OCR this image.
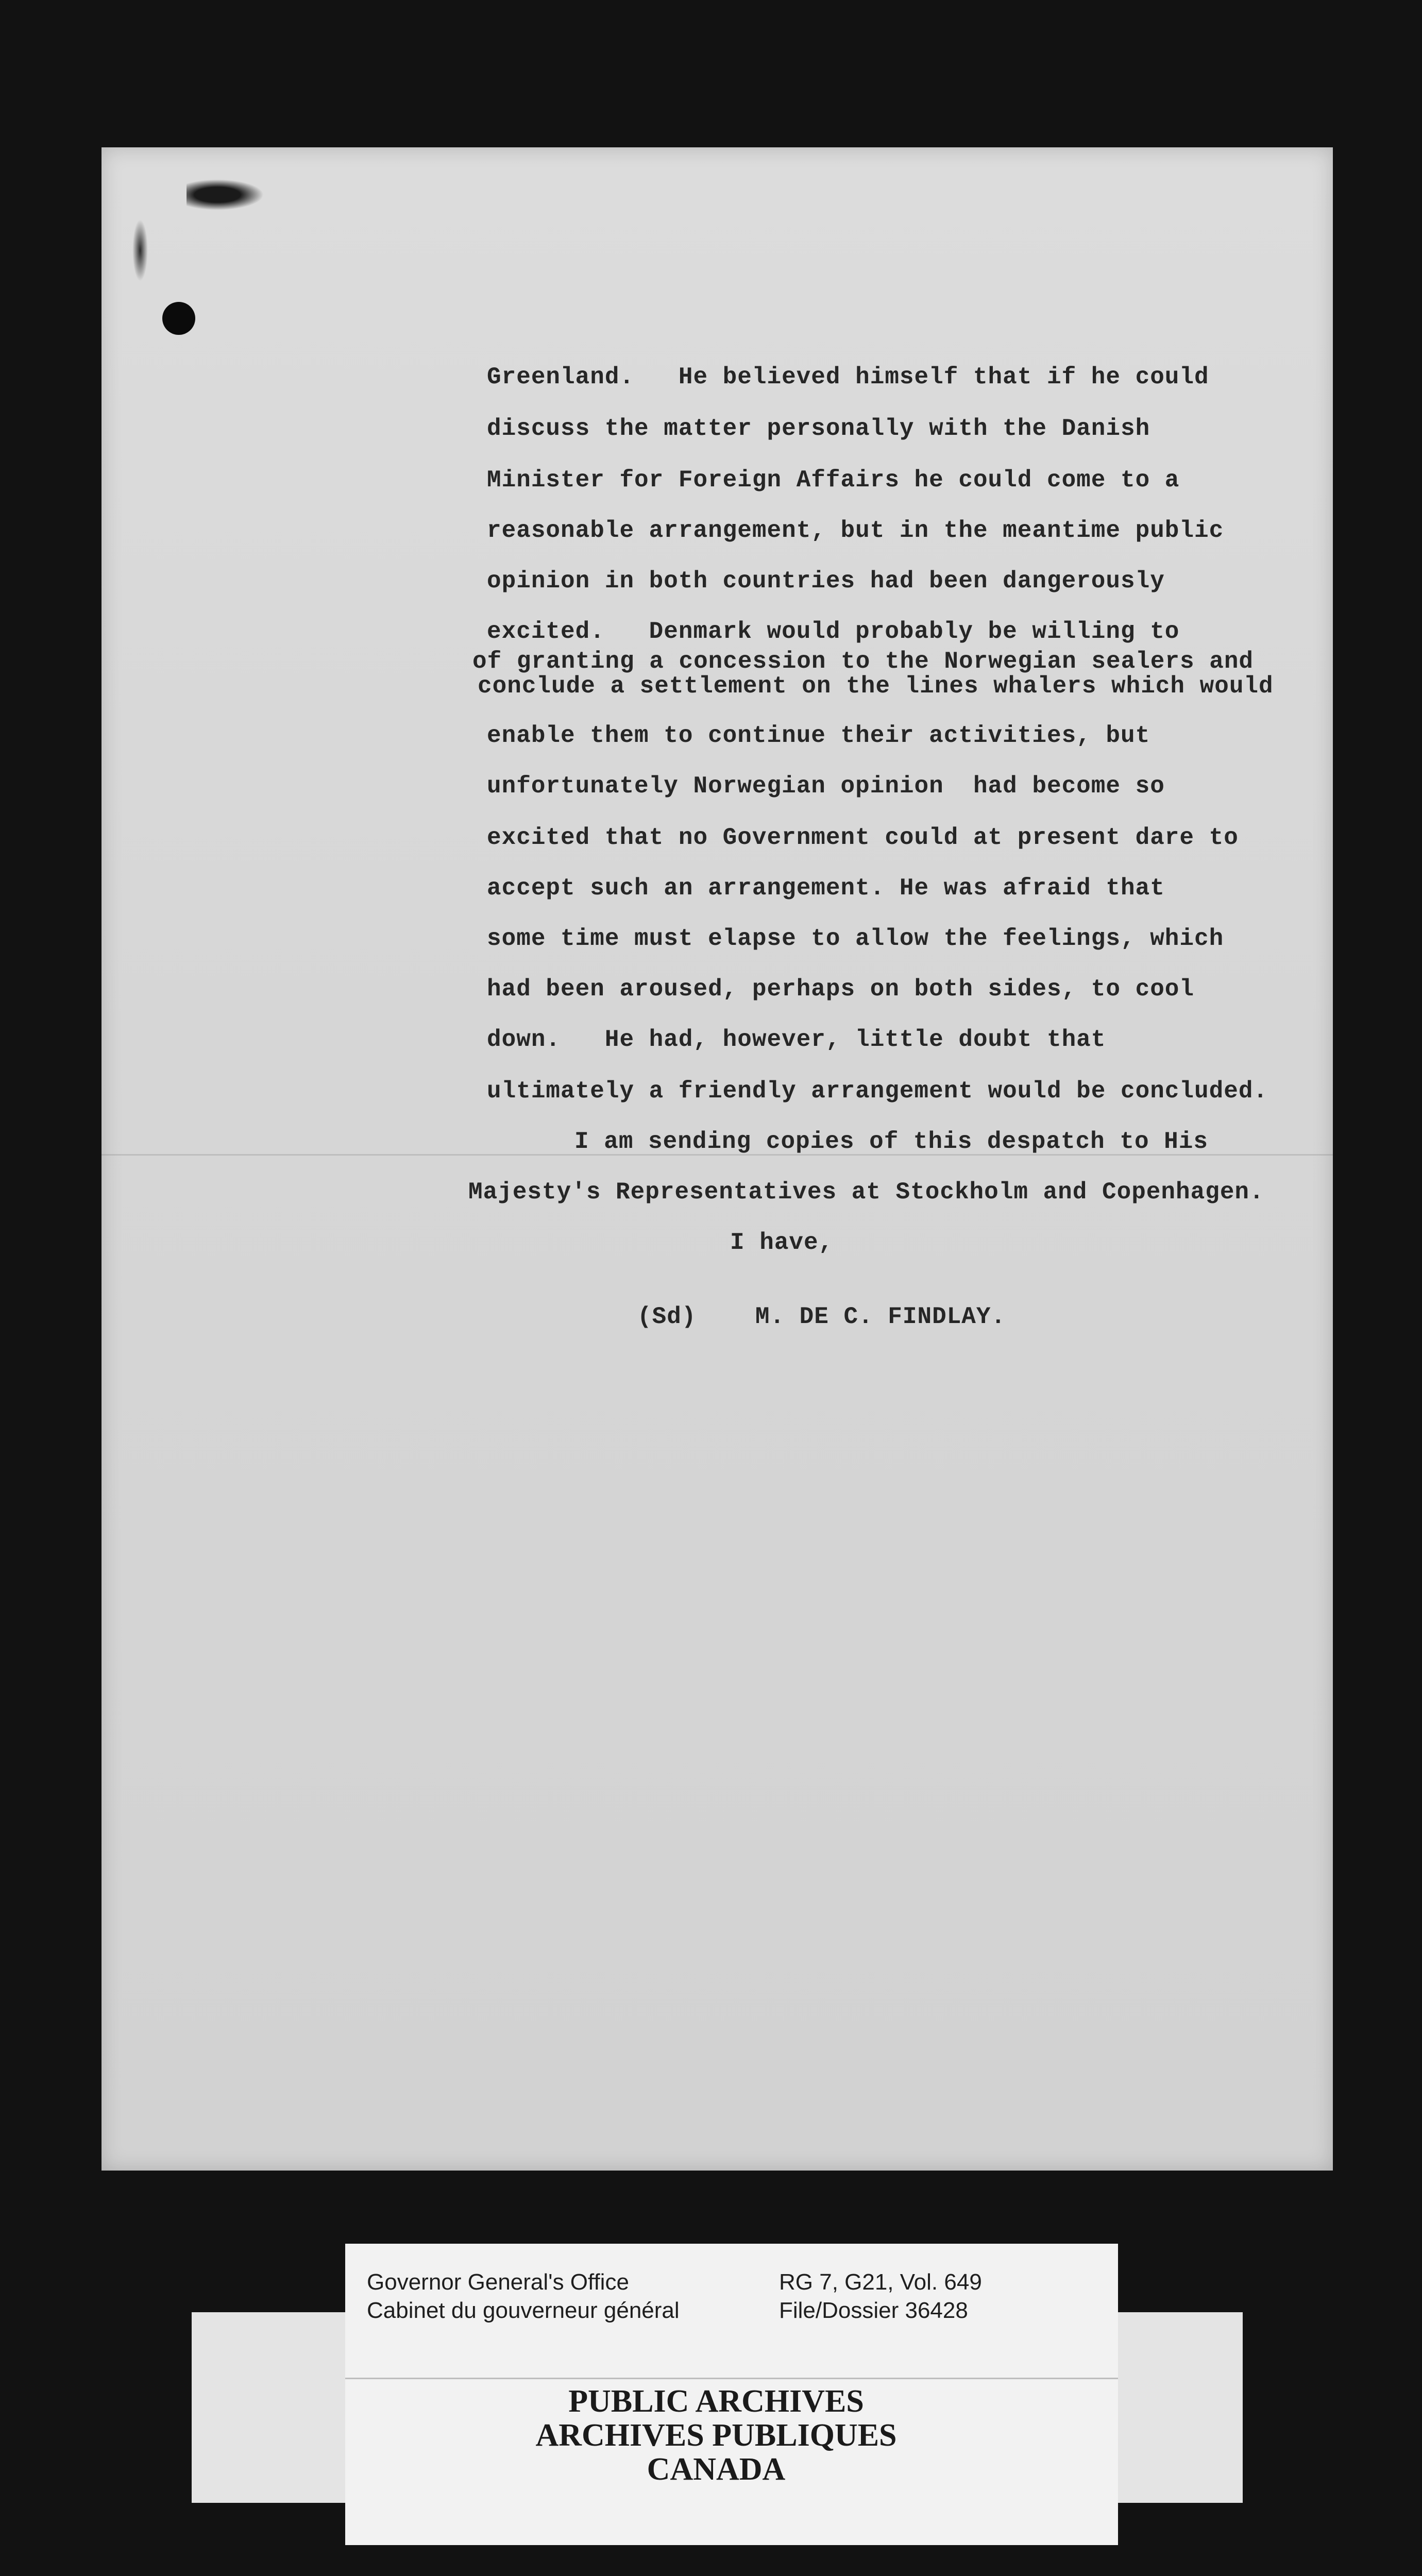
Greenland.   He believed himself that if he could
discuss the matter personally with the Danish
Minister for Foreign Affairs he could come to a
reasonable arrangement, but in the meantime public
opinion in both countries had been dangerously
excited.   Denmark would probably be willing to
of granting a concession to the Norwegian sealers and
conclude a settlement on the lines whalers which would
enable them to continue their activities, but
unfortunately Norwegian opinion  had become so
excited that no Government could at present dare to
accept such an arrangement. He was afraid that
some time must elapse to allow the feelings, which
had been aroused, perhaps on both sides, to cool
down.   He had, however, little doubt that
ultimately a friendly arrangement would be concluded.
I am sending copies of this despatch to His
Majesty's Representatives at Stockholm and Copenhagen.
I have,
(Sd)    M. DE C. FINDLAY.
Governor General's Office
Cabinet du gouverneur général
RG 7, G21, Vol. 649
File/Dossier 36428
PUBLIC ARCHIVES
ARCHIVES PUBLIQUES
CANADA
